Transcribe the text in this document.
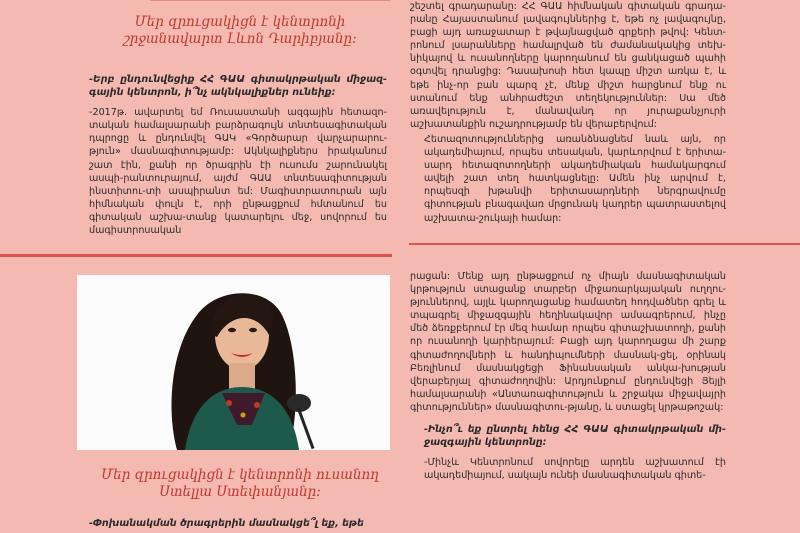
Մեր զրուցակիցն է կենտրոնի
շրջանավարտ Լևոն Դարիբյանը:

-Երբ ընդունվեցիք ՀՀ ԳԱԱ գիտակրթական միջազ-գային կենտրոն, ի՞նչ ակնկալիքներ ունեիք:

-2017թ. ավարտել եմ Ռուսաստանի ազգային հետազո-տական համալսարանի բարձրագույն տնտեսագիտական դպրոցը և ընդունվել ԳԱԿ «Գործարար վարչարարու-թյուն» մասնագիտությամբ: Ակնկալիքներս իրականում շատ էին, քանի որ ծրագրին էի ուսումս շարունակել ասպի-րանտուրայում, այժմ ԳԱԱ տնտեսագիտության ինստիտու-տի ասպիրանտ եմ: Մագիստրատուրան այն հիմնական փուլն է, որի ընթացքում հմտանում ես գիտական աշխա-տանք կատարելու մեջ, սովորում ես մագիստրոսական

Մեր զրուցակիցն է կենտրոնի ուսանող
Ստելլա Ստեփանյանը:

-Փոխանակման ծրագրերին մասնակցե՞լ եք, եթե

շեշտել գրադարանը: ՀՀ ԳԱԱ հիմնական գիտական գրադա-րանը Հայաստանում լավագույններից է, եթե ոչ լավագույնը, բացի այդ առաջատար է թվայնացված գրքերի թվով: Կենտ-րոնում լսարանները համալրված են ժամանակակից տեխ-նիկայով և ուսանողները կարողանում են ցանկացած պահի օգտվել դրանցից: Դասախոսի հետ կապը միշտ առկա է, և եթե ինչ-որ բան պարզ չէ, մենք միշտ հարցնում ենք ու ստանում ենք անհրաժեշտ տեղեկություններ: Սա մեծ առավելություն է, մանավանդ որ յուրաքանչյուրի աշխատանքին ուշադրությամբ են վերաբերվում:

Հետազոտություններից առանձնացնեմ նաև այն, որ ակադեմիայում, որպես տեսական, կարևորվում է երիտա-սարդ հետազոտողների ակադեմիական համակարգում ավելի շատ տեղ հատկացնելը: Ամեն ինչ արվում է, որպեսզի խթանվի երիտասարդների ներգրավումը գիտության բնագավառ մրցունակ կադրեր պատրաստելով աշխատա-շուկայի համար:

րացան: Մենք այդ ընթացքում ոչ միայն մասնագիտական կրթություն ստացանք տարբեր միջառարկայական ուղղու-թյուններով, այլև կարողացանք համատեղ հոդվածներ գրել և տպագրել միջազգային հեղինակավոր ամսագրերում, ինչը մեծ ձեռքբերում էր մեզ համար որպես գիտաշխատողի, քանի որ ուսանողի կարիերայում: Բացի այդ կարողացա մի շարք գիտաժողովների և հանդիպումների մասնակ-ցել, օրինակ Բեռլինում մասնակցեցի Ֆինանսական անկա-խության վերաբերյալ գիտաժողովին: Արդյունքում ընդունվեցի Յեյլի համալսարանի «Անտառագիտություն և շրջակա միջավայրի գիտություններ» մասնագիտու-թյանը, և ստացել կրթաթոշակ:

-Ինչո՞ւ եք ընտրել հենց ՀՀ ԳԱԱ գիտակրթական մի-ջազգային կենտրոնը:

-Մինչև Կենտրոնում սովորելը արդեն աշխատում էի ակադեմիայում, սակայն ունեի մասնագիտական գիտե-
